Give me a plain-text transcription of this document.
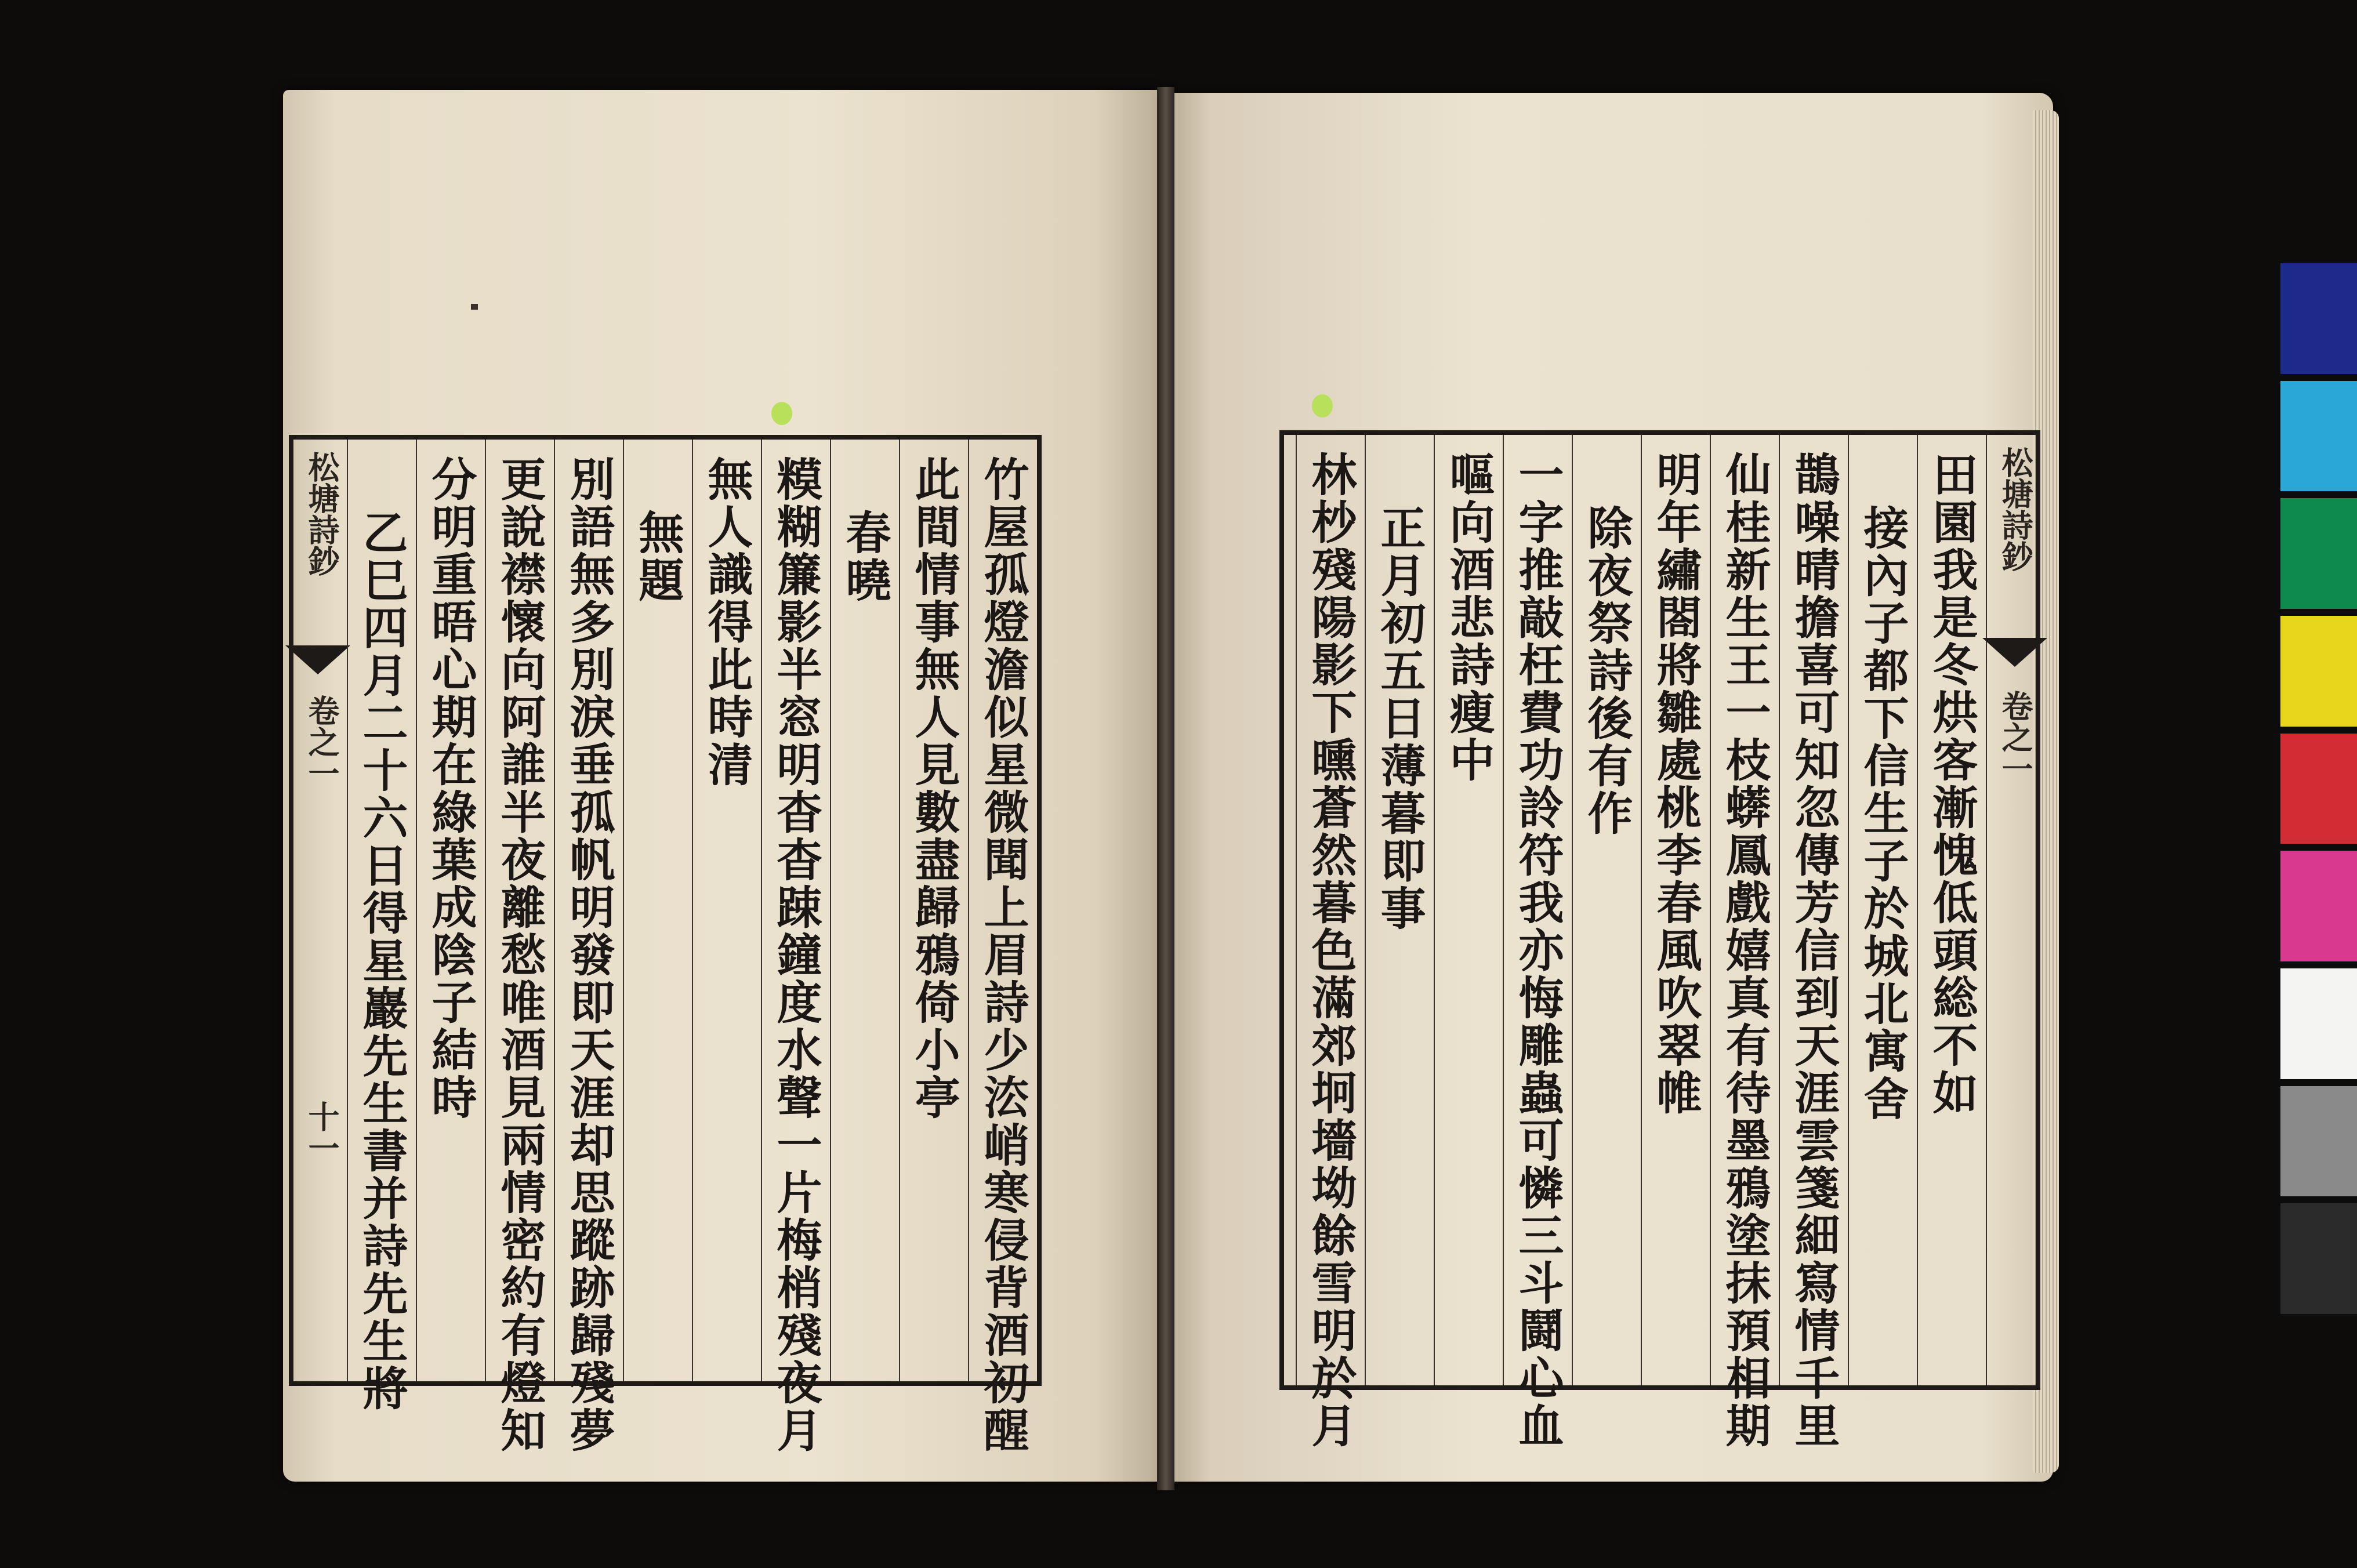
松塘詩鈔
卷之一
十一	竹屋孤燈澹似星微聞上眉詩少㳒峭寒侵背酒初醒
此間情事無人見數盡歸鴉倚小亭
春曉
糢糊簾影半窓明杳杳踈鐘度水聲一片梅梢殘夜月
無人識得此時清
無題
別語無多別淚垂孤帆明發即天涯却思蹤跡歸殘夢
更說襟懷向阿誰半夜離愁唯酒見兩情密約有燈知
分明重晤心期在綠葉成陰子結時
乙巳四月二十六日得星巖先生書并詩先生將	松塘詩鈔
卷之一
田園我是冬烘客漸愧低頭総不如
接內子都下信生子於城北寓舍
鵲噪晴擔喜可知忽傳芳信到天涯雲箋細寫情千里
仙桂新生王一枝蠎鳳戲嬉真有待墨鴉塗抹預相期
明年繡閤將雛處桃李春風吹翠帷
除夜祭詩後有作
一字推敲枉費功詅符我亦悔雕蟲可憐三斗鬪心血
嘔向酒悲詩瘦中
正月初五日薄暮即事
林杪殘陽影下曛蒼然暮色滿郊坰墻坳餘雪明於月
